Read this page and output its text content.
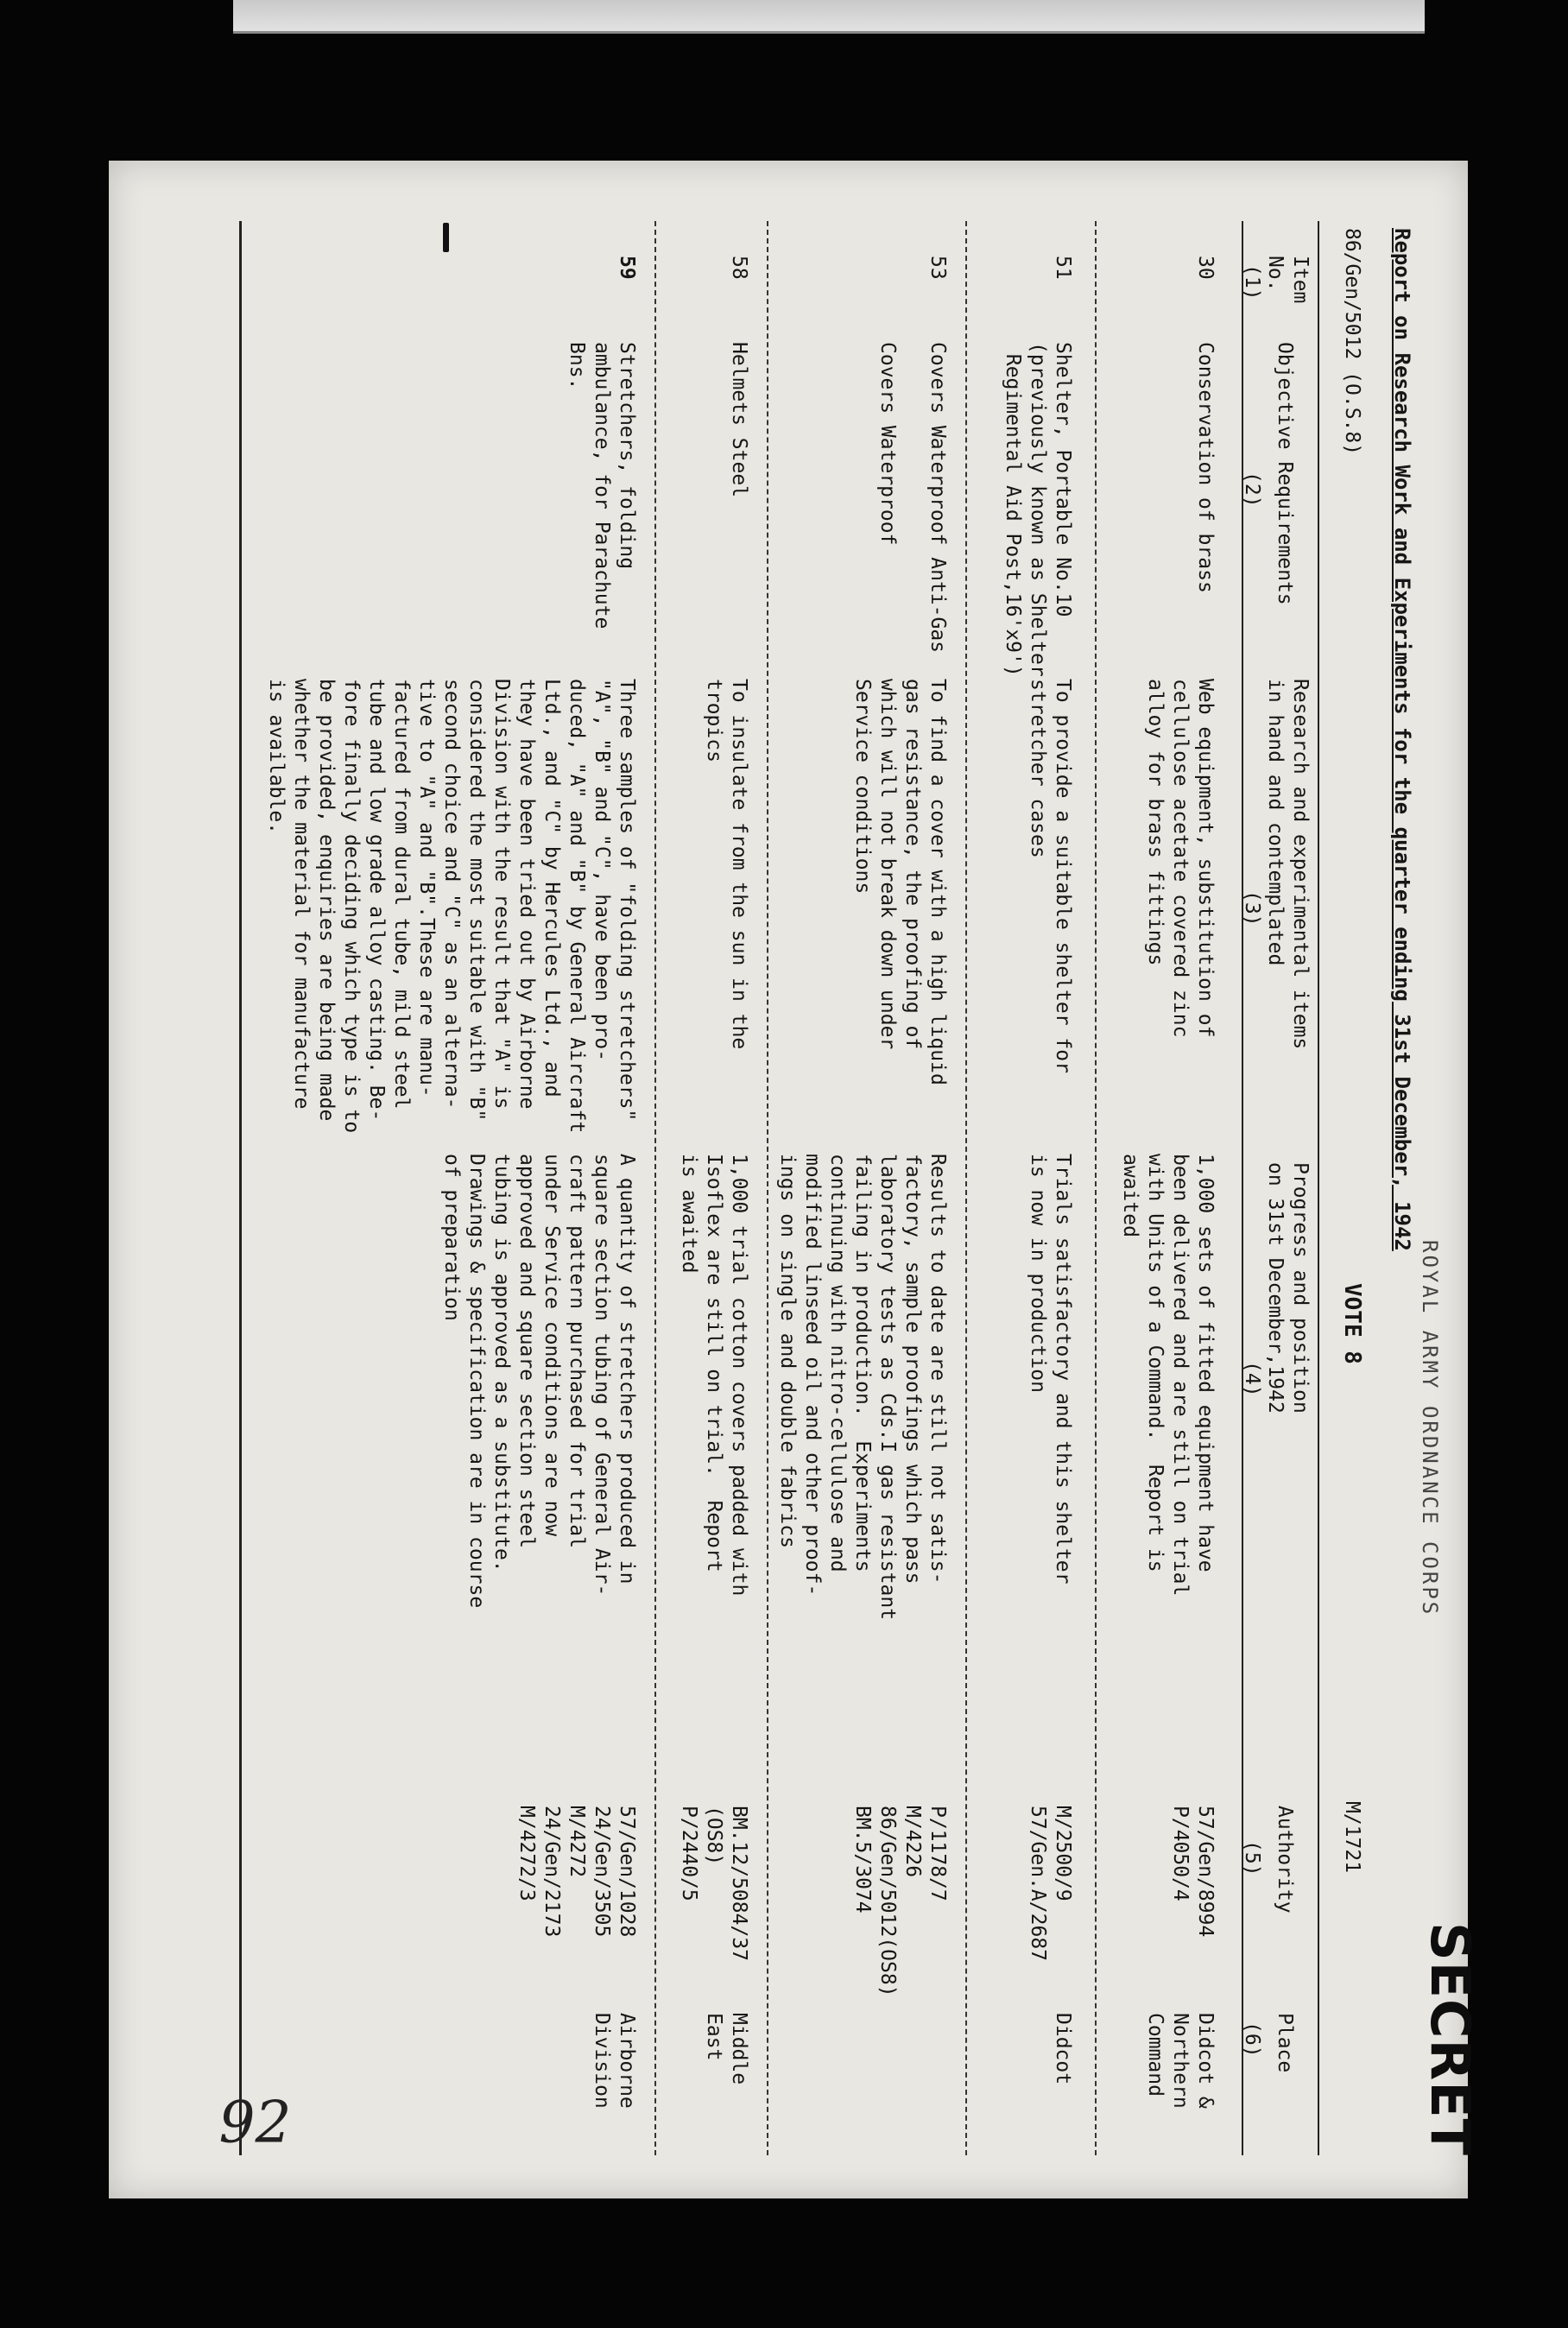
ROYAL ARMY ORDNANCE CORPS
SECRET
86/Gen/5012 (O.S.8) Report on Research Work and Experiments for the quarter ending 31st December, 1942
VOTE 8
M/1721
Item
No.
(1)
Objective Requirements
(2)
Research and experimental items
in hand and contemplated
(3)
Progress and position
on 31st December,1942
(4)
Authority
(5)
Place
(6)
30
Conservation of brass
Web equipment, substitution of
cellulose acetate covered zinc
alloy for brass fittings
1,000 sets of fitted equipment have
been delivered and are still on trial
with Units of a Command.  Report is
awaited
57/Gen/8994
P/4050/4
Didcot &
Northern
Command
51
Shelter, Portable No.10
(previously known as Shelter
Regimental Aid Post,16'x9')
To provide a suitable shelter for
stretcher cases
Trials satisfactory and this shelter
is now in production
M/2500/9
57/Gen.A/2687
Didcot
53
Covers Waterproof Anti-Gas

Covers Waterproof
To find a cover with a high liquid
gas resistance, the proofing of
which will not break down under
Service conditions
Results to date are still not satis-
factory, sample proofings which pass
laboratory tests as Cds.I gas resistant
failing in production.  Experiments
continuing with nitro-cellulose and
modified linseed oil and other proof-
ings on single and double fabrics
P/1178/7
M/4226
86/Gen/5012(OS8)
BM.5/3074
58
Helmets Steel
To insulate from the sun in the
tropics
1,000 trial cotton covers padded with
Isoflex are still on trial.  Report
is awaited
BM.12/5084/37
(OS8)
P/2440/5
Middle
East
59
Stretchers, folding
ambulance, for Parachute
Bns.
Three samples of "folding stretchers"
"A", "B" and "C", have been pro-
duced, "A" and "B" by General Aircraft
Ltd., and "C" by Hercules Ltd., and
they have been tried out by Airborne
Division with the result that "A" is
considered the most suitable with "B"
second choice and "C" as an alterna-
tive to "A" and "B".These are manu-
factured from dural tube, mild steel
tube and low grade alloy casting. Be-
fore finally deciding which type is to
be provided, enquiries are being made
whether the material for manufacture
is available.
A quantity of stretchers produced in
square section tubing of General Air-
craft pattern purchased for trial
under Service conditions are now
approved and square section steel
tubing is approved as a substitute.
Drawings & specification are in course
of preparation
57/Gen/1028
24/Gen/3505
M/4272
24/Gen/2173
M/4272/3
Airborne
Division
92
